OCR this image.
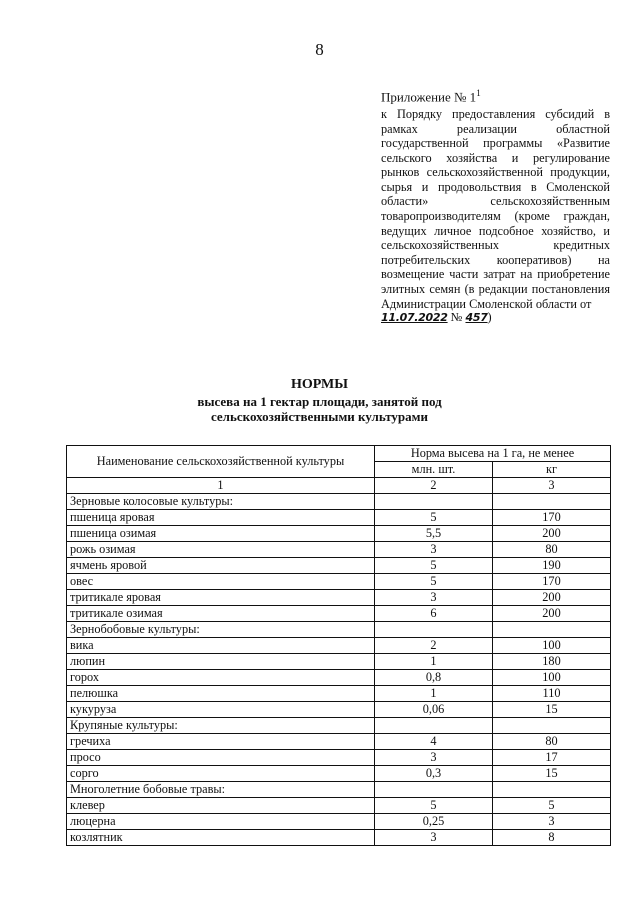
8
Приложение № $1^1$
к Порядку предоставления субсидий в рамках реализации областной государственной программы «Развитие сельского хозяйства и регулирование рынков сельскохозяйственной продукции, сырья и продовольствия в Смоленской области» сельскохозяйственным товаропроизводителям (кроме граждан, ведущих личное подсобное хозяйство, и сельскохозяйственных кредитных потребительских кооперативов) на возмещение части затрат на приобретение элитных семян (в редакции постановления Администрации Смоленской области от
11.07.2022 № 457)
НОРМЫ
высева на 1 гектар площади, занятой под
сельскохозяйственными культурами
Наименование сельскохозяйственной культуры	Норма высева на 1 га, не менее	
	млн. шт.	кг
1	2	3
Зерновые колосовые культуры:		
пшеница яровая	5	170
пшеница озимая	5,5	200
рожь озимая	3	80
ячмень яровой	5	190
овес	5	170
тритикале яровая	3	200
тритикале озимая	6	200
Зернобобовые культуры:		
вика	2	100
люпин	1	180
горох	0,8	100
пелюшка	1	110
кукуруза	0,06	15
Крупяные культуры:		
гречиха	4	80
просо	3	17
сорго	0,3	15
Многолетние бобовые травы:		
клевер	5	5
люцерна	0,25	3
козлятник	3	8
